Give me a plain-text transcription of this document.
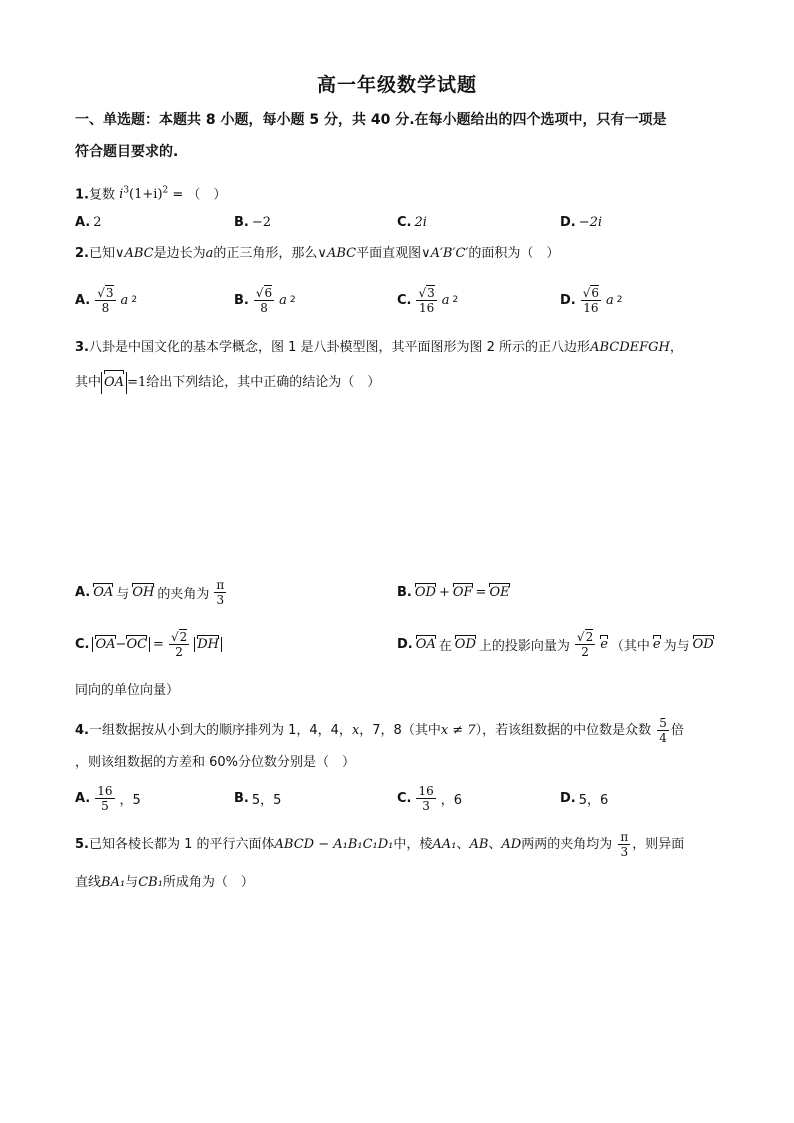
高一年级数学试题
一、单选题：本题共 8 小题，每小题 5 分，共 40 分.在每小题给出的四个选项中，只有一项是
符合题目要求的.
1.复数 $i^3(1+i)^2$ = （　）
A. 2	B. −2	C. 2i	D. −2i
2.已知∨ABC是边长为a的正三角形，那么∨ABC平面直观图∨A′B′C′的面积为（　）
A. $\frac{√3}{8}$ a 2	B. $\frac{√6}{8}$ a 2	C. $\frac{√3}{16}$ a 2	D. $\frac{√6}{16}$ a 2
3.八卦是中国文化的基本学概念，图 1 是八卦模型图，其平面图形为图 2 所示的正八边形ABCDEFGH，
其中 OA =1给出下列结论，其中正确的结论为（　）
A. OA 与 OH 的夹角为 $\frac{\pi}{3}$	B. OD + OF = OE
C. $OA-OC = \frac{√2}{2}$ DH	D. OA 在 OD 上的投影向量为 $\frac{√2}{2}$ e （其中 e 为与 OD
同向的单位向量）
4.一组数据按从小到大的顺序排列为 1，4，4，x，7，8（其中x ≠ 7），若该组数据的中位数是众数 $\frac{5}{4}$ 倍
，则该组数据的方差和 60%分位数分别是（　）
A. $\frac{16}{5}$ ，5	B. 5，5	C. $\frac{16}{3}$ ，6	D. 5，6
5.已知各棱长都为 1 的平行六面体ABCD − A₁B₁C₁D₁中，棱AA₁、AB、AD两两的夹角均为 $\frac{\pi}{3}$ ，则异面
直线BA₁与CB₁所成角为（　）
